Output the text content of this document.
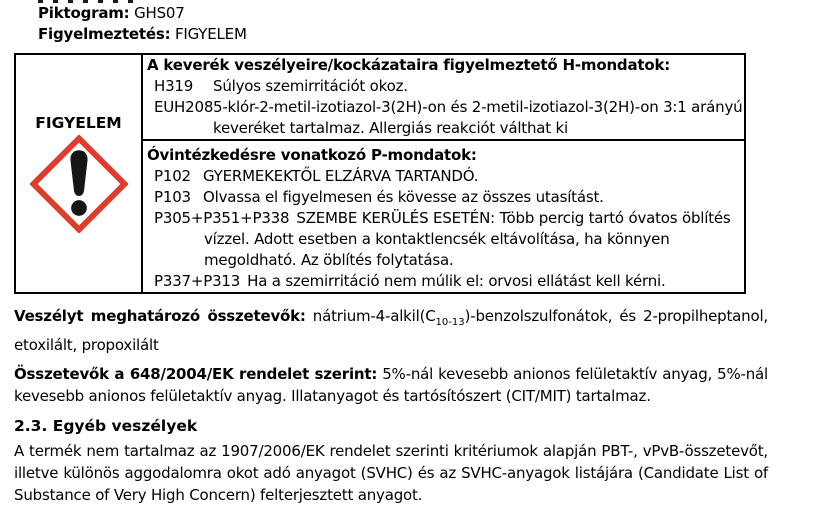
Piktogram: GHS07
Figyelmeztetés: FIGYELEM
FIGYELEM

A keverék veszélyeire/kockázataira figyelmeztető H-mondatok:
H319	Súlyos szemirritációt okoz.
EUH208 5-klór-2-metil-izotiazol-3(2H)-on és 2-metil-izotiazol-3(2H)-on 3:1 arányú keveréket tartalmaz. Allergiás reakciót válthat ki

Óvintézkedésre vonatkozó P-mondatok:
P102 GYERMEKEKTŐL ELZÁRVA TARTANDÓ.
P103 Olvassa el figyelmesen és kövesse az összes utasítást.
P305+P351+P338 SZEMBE KERÜLÉS ESETÉN: Több percig tartó óvatos öblítés vízzel. Adott esetben a kontaktlencsék eltávolítása, ha könnyen megoldható. Az öblítés folytatása.
P337+P313 Ha a szemirritáció nem múlik el: orvosi ellátást kell kérni.
Veszélyt meghatározó összetevők: nátrium-$4-alkil(C_{10-13})$-benzolszulfonátok, és 2-propilheptanol, etoxilált, propoxilált
Összetevők a 648/2004/EK rendelet szerint: 5%-nál kevesebb anionos felületaktív anyag, 5%-nál kevesebb anionos felületaktív anyag. Illatanyagot és tartósítószert (CIT/MIT) tartalmaz.
2.3. Egyéb veszélyek
A termék nem tartalmaz az 1907/2006/EK rendelet szerinti kritériumok alapján PBT-, vPvB-összetevőt, illetve különös aggodalomra okot adó anyagot (SVHC) és az SVHC-anyagok listájára (Candidate List of Substance of Very High Concern) felterjesztett anyagot.
